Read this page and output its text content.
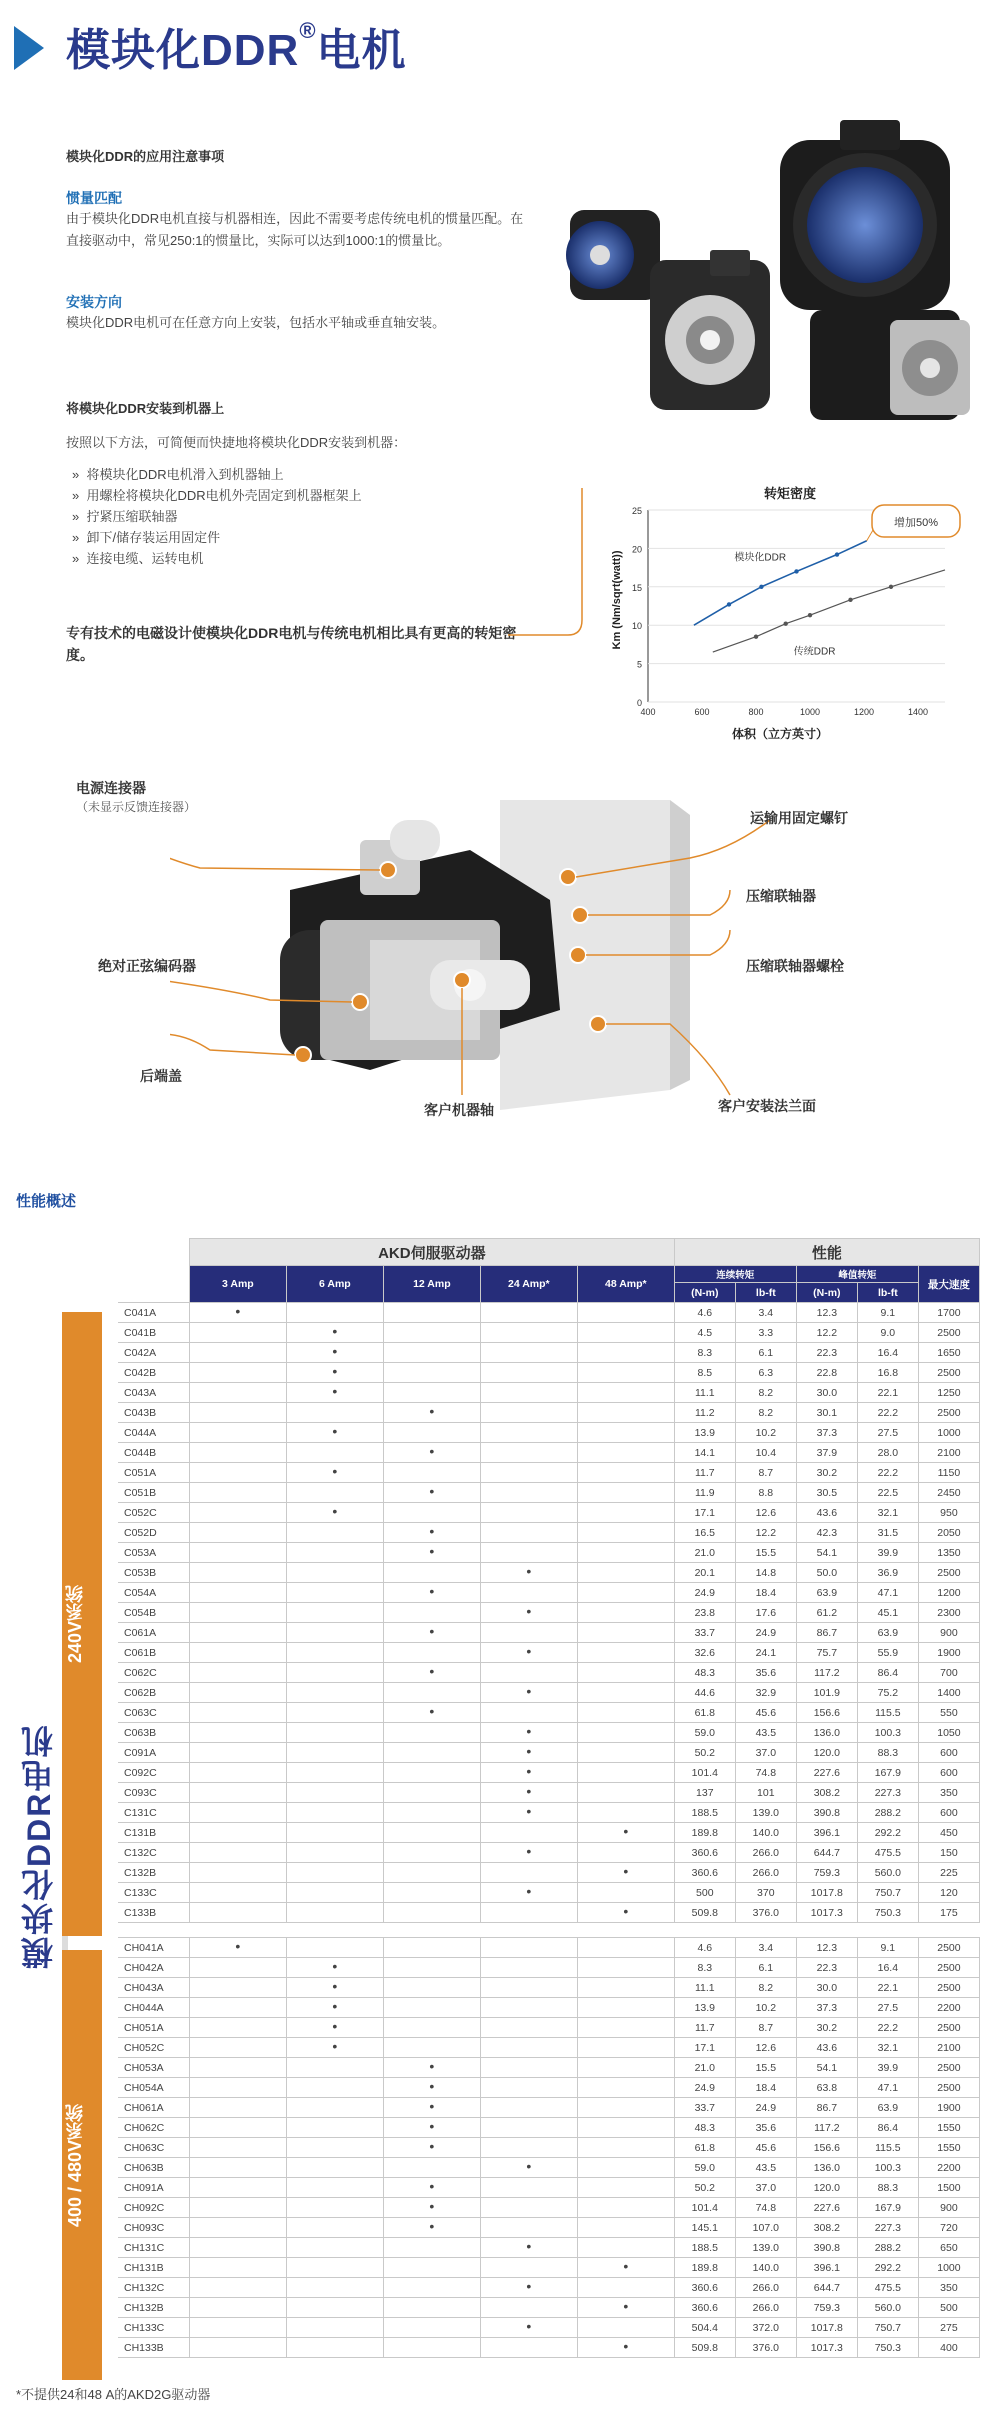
模块化DDR®电机
模块化DDR的应用注意事项
惯量匹配
由于模块化DDR电机直接与机器相连，因此不需要考虑传统电机的惯量匹配。在直接驱动中，常见250:1的惯量比，实际可以达到1000:1的惯量比。
安装方向
模块化DDR电机可在任意方向上安装，包括水平轴或垂直轴安装。
将模块化DDR安装到机器上
按照以下方法，可简便而快捷地将模块化DDR安装到机器：
»  将模块化DDR电机滑入到机器轴上
»  用螺栓将模块化DDR电机外壳固定到机器框架上
»  拧紧压缩联轴器
»  卸下/储存装运用固定件
»  连接电缆、运转电机
专有技术的电磁设计使模块化DDR电机与传统电机相比具有更高的转矩密度。
转矩密度
0
5
10
15
20
25
400	600	800	1000	1200	1400
模块化DDR
传统DDR
体积（立方英寸）
Km (Nm/sqrt(watt))
增加50%
电源连接器
（未显示反馈连接器）
绝对正弦编码器
后端盖
客户机器轴
运输用固定螺钉
压缩联轴器
压缩联轴器螺栓
客户安装法兰面
性能概述
模块化DDR电机
240V系统
400 / 480V系统
	AKD伺服驱动器					性能				
	3 Amp	6 Amp	12 Amp	24 Amp*	48 Amp*	连续转矩		峰值转矩		最大速度
						(N-m)	lb-ft	(N-m)	lb-ft	

C041A	•					4.6	3.4	12.3	9.1	1700
C041B		•				4.5	3.3	12.2	9.0	2500
C042A		•				8.3	6.1	22.3	16.4	1650
C042B		•				8.5	6.3	22.8	16.8	2500
C043A		•				11.1	8.2	30.0	22.1	1250
C043B			•			11.2	8.2	30.1	22.2	2500
C044A		•				13.9	10.2	37.3	27.5	1000
C044B			•			14.1	10.4	37.9	28.0	2100
C051A		•				11.7	8.7	30.2	22.2	1150
C051B			•			11.9	8.8	30.5	22.5	2450
C052C		•				17.1	12.6	43.6	32.1	950
C052D			•			16.5	12.2	42.3	31.5	2050
C053A			•			21.0	15.5	54.1	39.9	1350
C053B				•		20.1	14.8	50.0	36.9	2500
C054A			•			24.9	18.4	63.9	47.1	1200
C054B				•		23.8	17.6	61.2	45.1	2300
C061A			•			33.7	24.9	86.7	63.9	900
C061B				•		32.6	24.1	75.7	55.9	1900
C062C			•			48.3	35.6	117.2	86.4	700
C062B				•		44.6	32.9	101.9	75.2	1400
C063C			•			61.8	45.6	156.6	115.5	550
C063B				•		59.0	43.5	136.0	100.3	1050
C091A				•		50.2	37.0	120.0	88.3	600
C092C				•		101.4	74.8	227.6	167.9	600
C093C				•		137	101	308.2	227.3	350
C131C				•		188.5	139.0	390.8	288.2	600
C131B					•	189.8	140.0	396.1	292.2	450
C132C				•		360.6	266.0	644.7	475.5	150
C132B					•	360.6	266.0	759.3	560.0	225
C133C				•		500	370	1017.8	750.7	120
C133B					•	509.8	376.0	1017.3	750.3	175

CH041A	•					4.6	3.4	12.3	9.1	2500
CH042A		•				8.3	6.1	22.3	16.4	2500
CH043A		•				11.1	8.2	30.0	22.1	2500
CH044A		•				13.9	10.2	37.3	27.5	2200
CH051A		•				11.7	8.7	30.2	22.2	2500
CH052C		•				17.1	12.6	43.6	32.1	2100
CH053A			•			21.0	15.5	54.1	39.9	2500
CH054A			•			24.9	18.4	63.8	47.1	2500
CH061A			•			33.7	24.9	86.7	63.9	1900
CH062C			•			48.3	35.6	117.2	86.4	1550
CH063C			•			61.8	45.6	156.6	115.5	1550
CH063B				•		59.0	43.5	136.0	100.3	2200
CH091A			•			50.2	37.0	120.0	88.3	1500
CH092C			•			101.4	74.8	227.6	167.9	900
CH093C			•			145.1	107.0	308.2	227.3	720
CH131C				•		188.5	139.0	390.8	288.2	650
CH131B					•	189.8	140.0	396.1	292.2	1000
CH132C				•		360.6	266.0	644.7	475.5	350
CH132B					•	360.6	266.0	759.3	560.0	500
CH133C				•		504.4	372.0	1017.8	750.7	275
CH133B					•	509.8	376.0	1017.3	750.3	400
*不提供24和48 A的AKD2G驱动器
